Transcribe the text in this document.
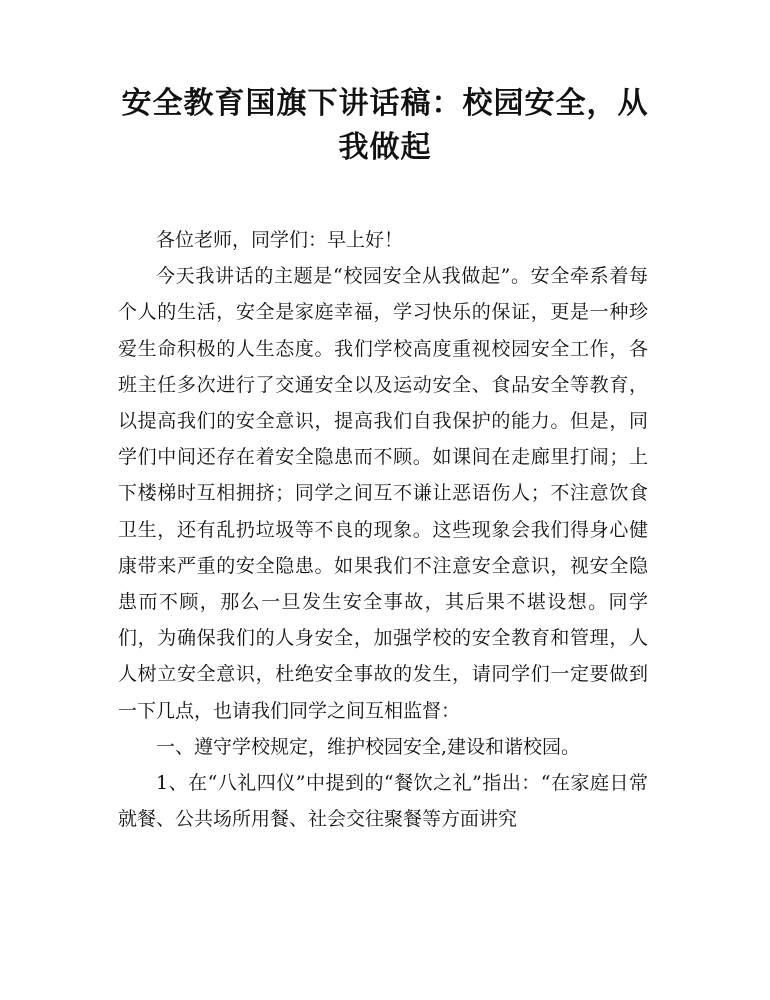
安全教育国旗下讲话稿：校园安全，从我做起

各位老师，同学们：早上好！

今天我讲话的主题是“校园安全从我做起”。安全牵系着每个人的生活，安全是家庭幸福，学习快乐的保证，更是一种珍爱生命积极的人生态度。我们学校高度重视校园安全工作，各班主任多次进行了交通安全以及运动安全、食品安全等教育，以提高我们的安全意识，提高我们自我保护的能力。但是，同学们中间还存在着安全隐患而不顾。如课间在走廊里打闹；上下楼梯时互相拥挤；同学之间互不谦让恶语伤人；不注意饮食卫生，还有乱扔垃圾等不良的现象。这些现象会我们得身心健康带来严重的安全隐患。如果我们不注意安全意识，视安全隐患而不顾，那么一旦发生安全事故，其后果不堪设想。同学们，为确保我们的人身安全，加强学校的安全教育和管理，人人树立安全意识，杜绝安全事故的发生，请同学们一定要做到一下几点，也请我们同学之间互相监督：

一、遵守学校规定，维护校园安全,建设和谐校园。

1、在“八礼四仪”中提到的“餐饮之礼”指出：“在家庭日常就餐、公共场所用餐、社会交往聚餐等方面讲究
